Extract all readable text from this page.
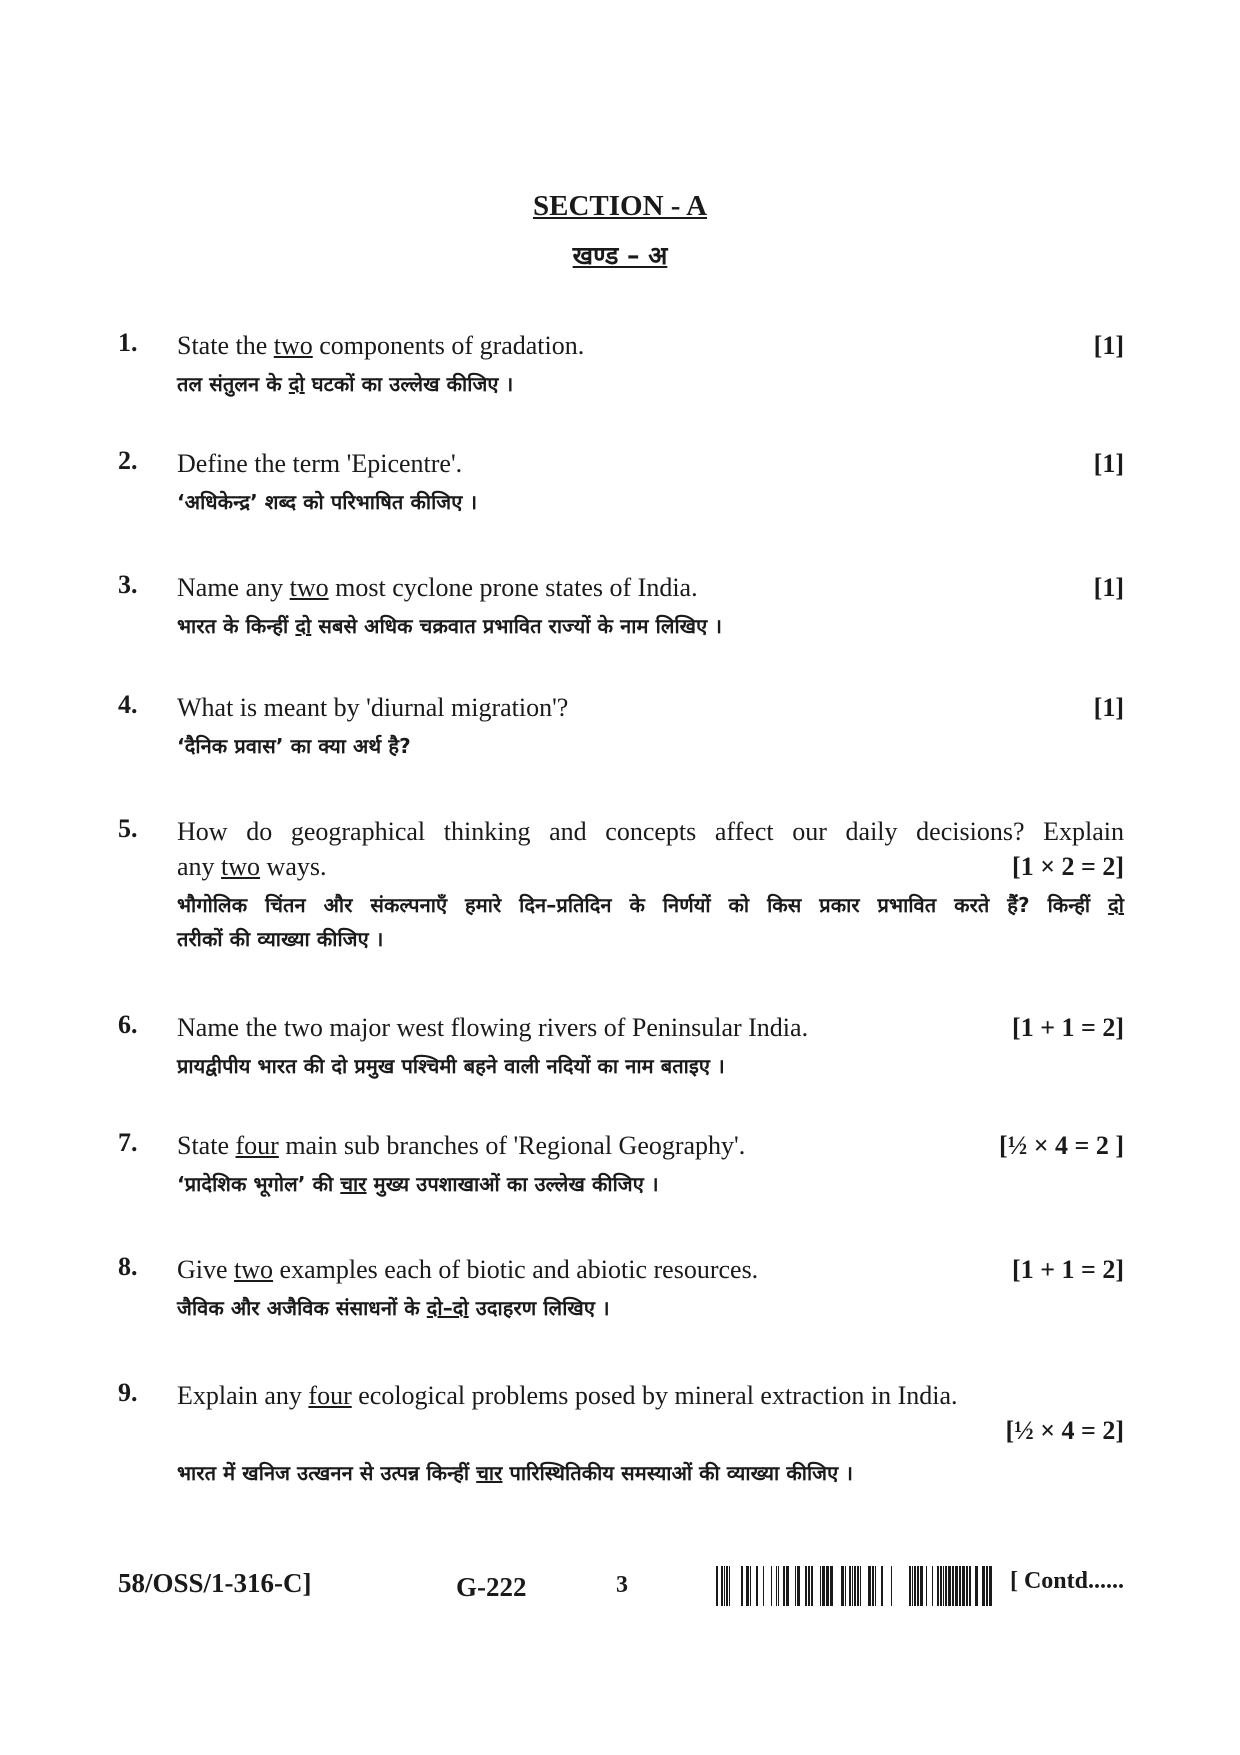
SECTION - A
खण्ड – अ
1. State the two components of gradation.	[1]
तल संतुलन के दो घटकों का उल्लेख कीजिए ।
2. Define the term 'Epicentre'.	[1]
‘अधिकेन्द्र’ शब्द को परिभाषित कीजिए ।
3. Name any two most cyclone prone states of India.	[1]
भारत के किन्हीं दो सबसे अधिक चक्रवात प्रभावित राज्यों के नाम लिखिए ।
4. What is meant by 'diurnal migration'?	[1]
‘दैनिक प्रवास’ का क्या अर्थ है?
5. How do geographical thinking and concepts affect our daily decisions? Explain
any two ways.	[1 × 2 = 2]
भौगोलिक चिंतन और संकल्पनाएँ हमारे दिन–प्रतिदिन के निर्णयों को किस प्रकार प्रभावित करते हैं? किन्हीं दो
तरीकों की व्याख्या कीजिए ।
6. Name the two major west flowing rivers of Peninsular India.	[1 + 1 = 2]
प्रायद्वीपीय भारत की दो प्रमुख पश्चिमी बहने वाली नदियों का नाम बताइए ।
7. State four main sub branches of 'Regional Geography'.	[½ × 4 = 2 ]
‘प्रादेशिक भूगोल’ की चार मुख्य उपशाखाओं का उल्लेख कीजिए ।
8. Give two examples each of biotic and abiotic resources.	[1 + 1 = 2]
जैविक और अजैविक संसाधनों के दो–दो उदाहरण लिखिए ।
9. Explain any four ecological problems posed by mineral extraction in India.
[½ × 4 = 2]
भारत में खनिज उत्खनन से उत्पन्न किन्हीं चार पारिस्थितिकीय समस्याओं की व्याख्या कीजिए ।
58/OSS/1-316-C]	G-222	3	[ Contd......
